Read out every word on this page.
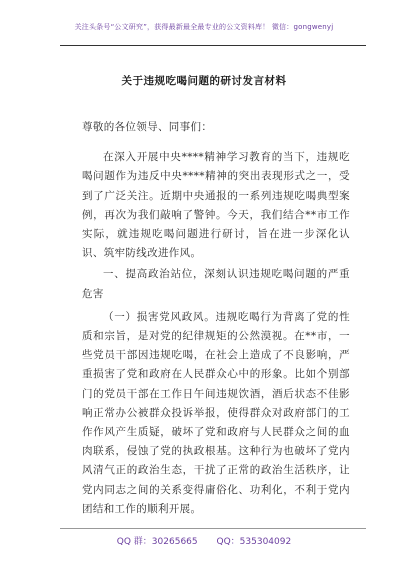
关注头条号“公文研究”，获得最新最全最专业的公文资料库！ 微信：gongwenyj
关于违规吃喝问题的研讨发言材料

尊敬的各位领导、同事们：

在深入开展中央****精神学习教育的当下，违规吃喝问题作为违反中央****精神的突出表现形式之一，受到了广泛关注。近期中央通报的一系列违规吃喝典型案例，再次为我们敲响了警钟。今天，我们结合**市工作实际，就违规吃喝问题进行研讨，旨在进一步深化认识、筑牢防线改进作风。

一、提高政治站位，深刻认识违规吃喝问题的严重危害

（一）损害党风政风。违规吃喝行为背离了党的性质和宗旨，是对党的纪律规矩的公然漠视。在**市，一些党员干部因违规吃喝，在社会上造成了不良影响，严重损害了党和政府在人民群众心中的形象。比如个别部门的党员干部在工作日午间违规饮酒，酒后状态不佳影响正常办公被群众投诉举报，使得群众对政府部门的工作作风产生质疑，破坏了党和政府与人民群众之间的血肉联系，侵蚀了党的执政根基。这种行为也破坏了党内风清气正的政治生态，干扰了正常的政治生活秩序，让党内同志之间的关系变得庸俗化、功利化，不利于党内团结和工作的顺利开展。

QQ 群：30265665 QQ：535304092
